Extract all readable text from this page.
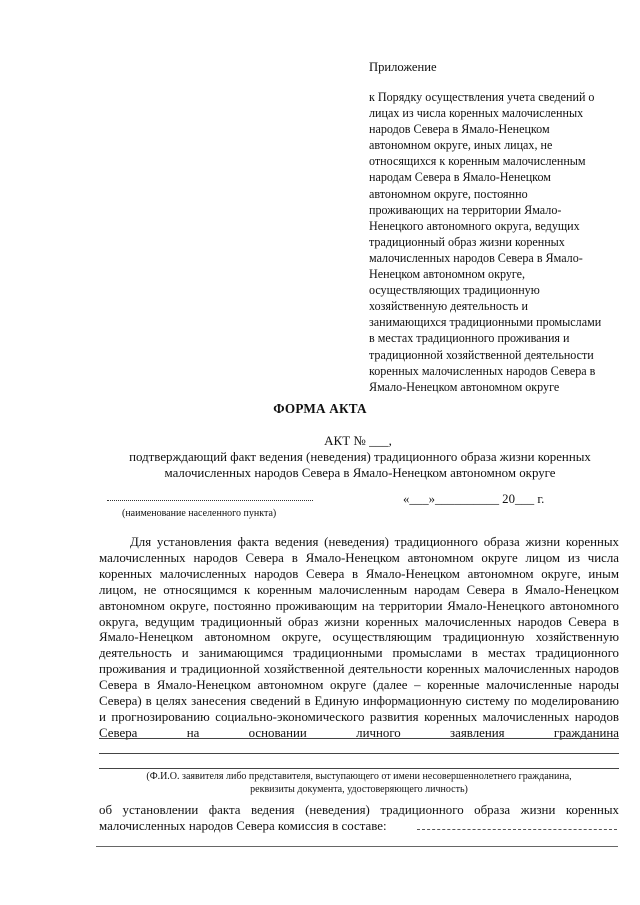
Приложение
к Порядку осуществления учета сведений о
лицах из числа коренных малочисленных
народов Севера в Ямало-Ненецком
автономном округе, иных лицах, не
относящихся к коренным малочисленным
народам Севера в Ямало-Ненецком
автономном округе, постоянно
проживающих на территории Ямало-
Ненецкого автономного округа, ведущих
традиционный образ жизни коренных
малочисленных народов Севера в Ямало-
Ненецком автономном округе,
осуществляющих традиционную
хозяйственную деятельность и
занимающихся традиционными промыслами
в местах традиционного проживания и
традиционной хозяйственной деятельности
коренных малочисленных народов Севера в
Ямало-Ненецком автономном округе
ФОРМА АКТА
АКТ № ___,
подтверждающий факт ведения (неведения) традиционного образа жизни коренных
малочисленных народов Севера в Ямало-Ненецком автономном округе
(наименование населенного пункта)
«___»__________ 20___ г.
Для установления факта ведения (неведения) традиционного образа жизни коренных
малочисленных народов Севера в Ямало-Ненецком автономном округе лицом из числа
коренных малочисленных народов Севера в Ямало-Ненецком автономном округе, иным
лицом, не относящимся к коренным малочисленным народам Севера в Ямало-Ненецком
автономном округе, постоянно проживающим на территории Ямало-Ненецкого автономного
округа, ведущим традиционный образ жизни коренных малочисленных народов Севера в
Ямало-Ненецком автономном округе, осуществляющим традиционную хозяйственную
деятельность и занимающимся традиционными промыслами в местах традиционного
проживания и традиционной хозяйственной деятельности коренных малочисленных народов
Севера в Ямало-Ненецком автономном округе (далее – коренные малочисленные народы
Севера) в целях занесения сведений в Единую информационную систему по моделированию
и прогнозированию социально-экономического развития коренных малочисленных народов
Севера на основании личного заявления гражданина
(Ф.И.О. заявителя либо представителя, выступающего от имени несовершеннолетнего гражданина,
реквизиты документа, удостоверяющего личность)
об установлении факта ведения (неведения) традиционного образа жизни коренных
малочисленных народов Севера комиссия в составе:
